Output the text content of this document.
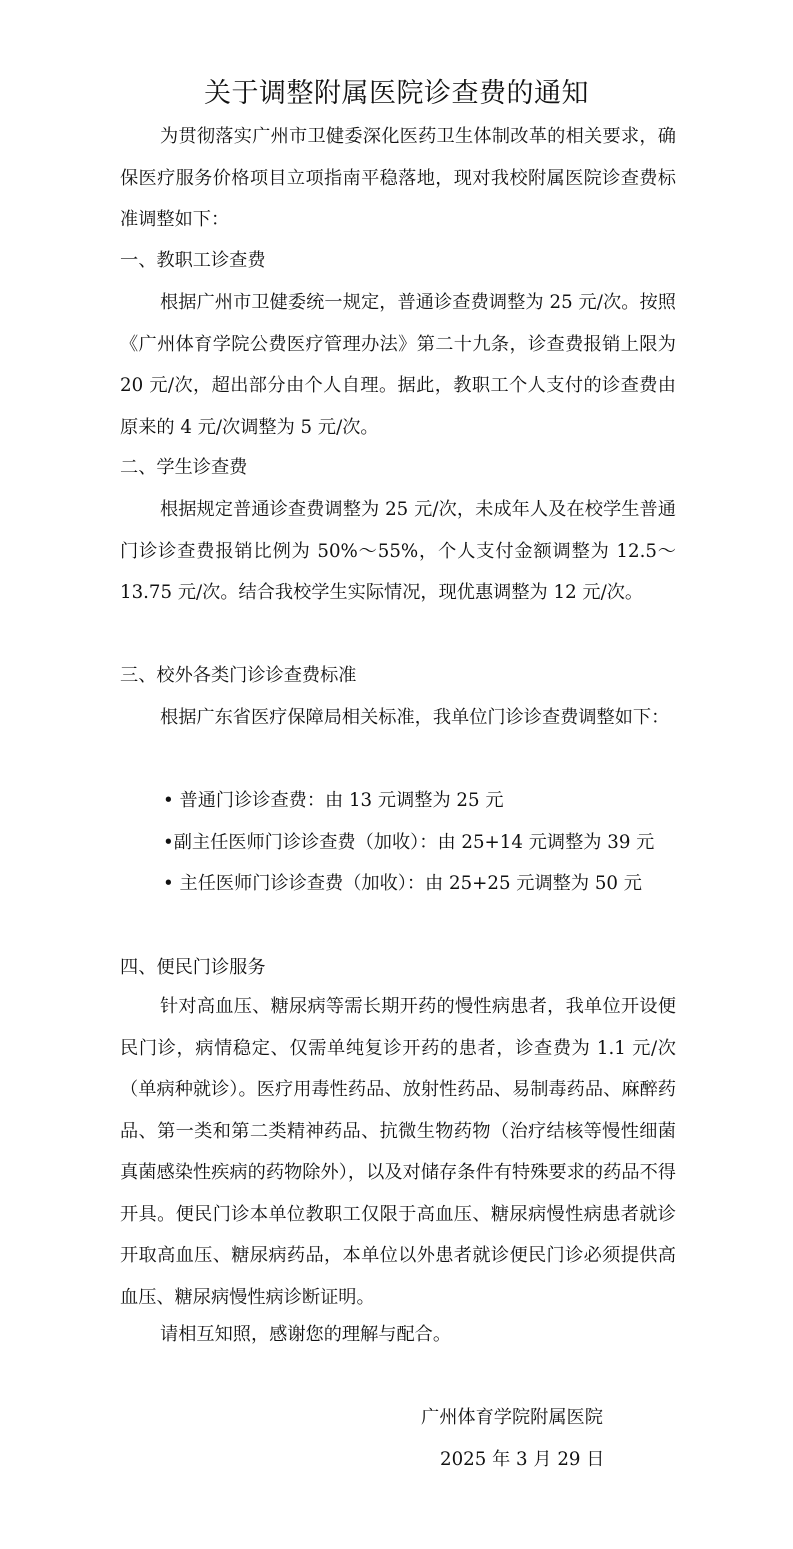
关于调整附属医院诊查费的通知
为贯彻落实广州市卫健委深化医药卫生体制改革的相关要求，确保医疗服务价格项目立项指南平稳落地，现对我校附属医院诊查费标准调整如下：
一、教职工诊查费
根据广州市卫健委统一规定，普通诊查费调整为 25 元/次。按照《广州体育学院公费医疗管理办法》第二十九条，诊查费报销上限为 20 元/次，超出部分由个人自理。据此，教职工个人支付的诊查费由原来的 4 元/次调整为 5 元/次。
二、学生诊查费
根据规定普通诊查费调整为 25 元/次，未成年人及在校学生普通门诊诊查费报销比例为 50%～55%，个人支付金额调整为 12.5～13.75 元/次。结合我校学生实际情况，现优惠调整为 12 元/次。
三、校外各类门诊诊查费标准
根据广东省医疗保障局相关标准，我单位门诊诊查费调整如下：
• 普通门诊诊查费：由 13 元调整为 25 元
•副主任医师门诊诊查费（加收）：由 25+14 元调整为 39 元
• 主任医师门诊诊查费（加收）：由 25+25 元调整为 50 元
四、便民门诊服务
针对高血压、糖尿病等需长期开药的慢性病患者，我单位开设便民门诊，病情稳定、仅需单纯复诊开药的患者，诊查费为 1.1 元/次（单病种就诊）。医疗用毒性药品、放射性药品、易制毒药品、麻醉药品、第一类和第二类精神药品、抗微生物药物（治疗结核等慢性细菌真菌感染性疾病的药物除外），以及对储存条件有特殊要求的药品不得开具。便民门诊本单位教职工仅限于高血压、糖尿病慢性病患者就诊开取高血压、糖尿病药品，本单位以外患者就诊便民门诊必须提供高血压、糖尿病慢性病诊断证明。
请相互知照，感谢您的理解与配合。
广州体育学院附属医院
2025 年 3 月 29 日
